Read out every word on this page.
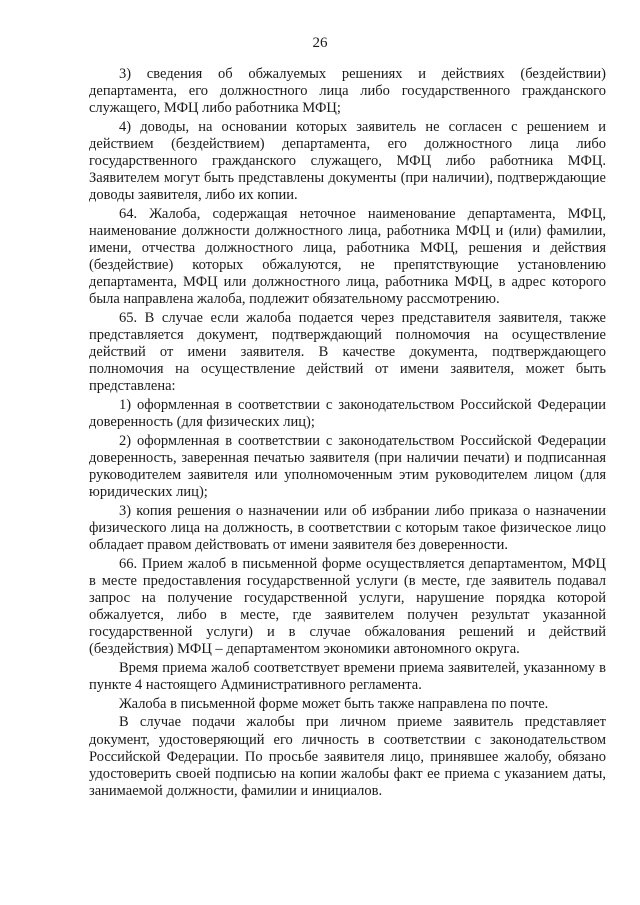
26

3) сведения об обжалуемых решениях и действиях (бездействии) департамента, его должностного лица либо государственного гражданского служащего, МФЦ либо работника МФЦ;

4) доводы, на основании которых заявитель не согласен с решением и действием (бездействием) департамента, его должностного лица либо государственного гражданского служащего, МФЦ либо работника МФЦ. Заявителем могут быть представлены документы (при наличии), подтверждающие доводы заявителя, либо их копии.

64. Жалоба, содержащая неточное наименование департамента, МФЦ, наименование должности должностного лица, работника МФЦ и (или) фамилии, имени, отчества должностного лица, работника МФЦ, решения и действия (бездействие) которых обжалуются, не препятствующие установлению департамента, МФЦ или должностного лица, работника МФЦ, в адрес которого была направлена жалоба, подлежит обязательному рассмотрению.

65. В случае если жалоба подается через представителя заявителя, также представляется документ, подтверждающий полномочия на осуществление действий от имени заявителя. В качестве документа, подтверждающего полномочия на осуществление действий от имени заявителя, может быть представлена:

1) оформленная в соответствии с законодательством Российской Федерации доверенность (для физических лиц);

2) оформленная в соответствии с законодательством Российской Федерации доверенность, заверенная печатью заявителя (при наличии печати) и подписанная руководителем заявителя или уполномоченным этим руководителем лицом (для юридических лиц);

3) копия решения о назначении или об избрании либо приказа о назначении физического лица на должность, в соответствии с которым такое физическое лицо обладает правом действовать от имени заявителя без доверенности.

66. Прием жалоб в письменной форме осуществляется департаментом, МФЦ в месте предоставления государственной услуги (в месте, где заявитель подавал запрос на получение государственной услуги, нарушение порядка которой обжалуется, либо в месте, где заявителем получен результат указанной государственной услуги) и в случае обжалования решений и действий (бездействия) МФЦ – департаментом экономики автономного округа.

Время приема жалоб соответствует времени приема заявителей, указанному в пункте 4 настоящего Административного регламента.

Жалоба в письменной форме может быть также направлена по почте.

В случае подачи жалобы при личном приеме заявитель представляет документ, удостоверяющий его личность в соответствии с законодательством Российской Федерации. По просьбе заявителя лицо, принявшее жалобу, обязано удостоверить своей подписью на копии жалобы факт ее приема с указанием даты, занимаемой должности, фамилии и инициалов.
